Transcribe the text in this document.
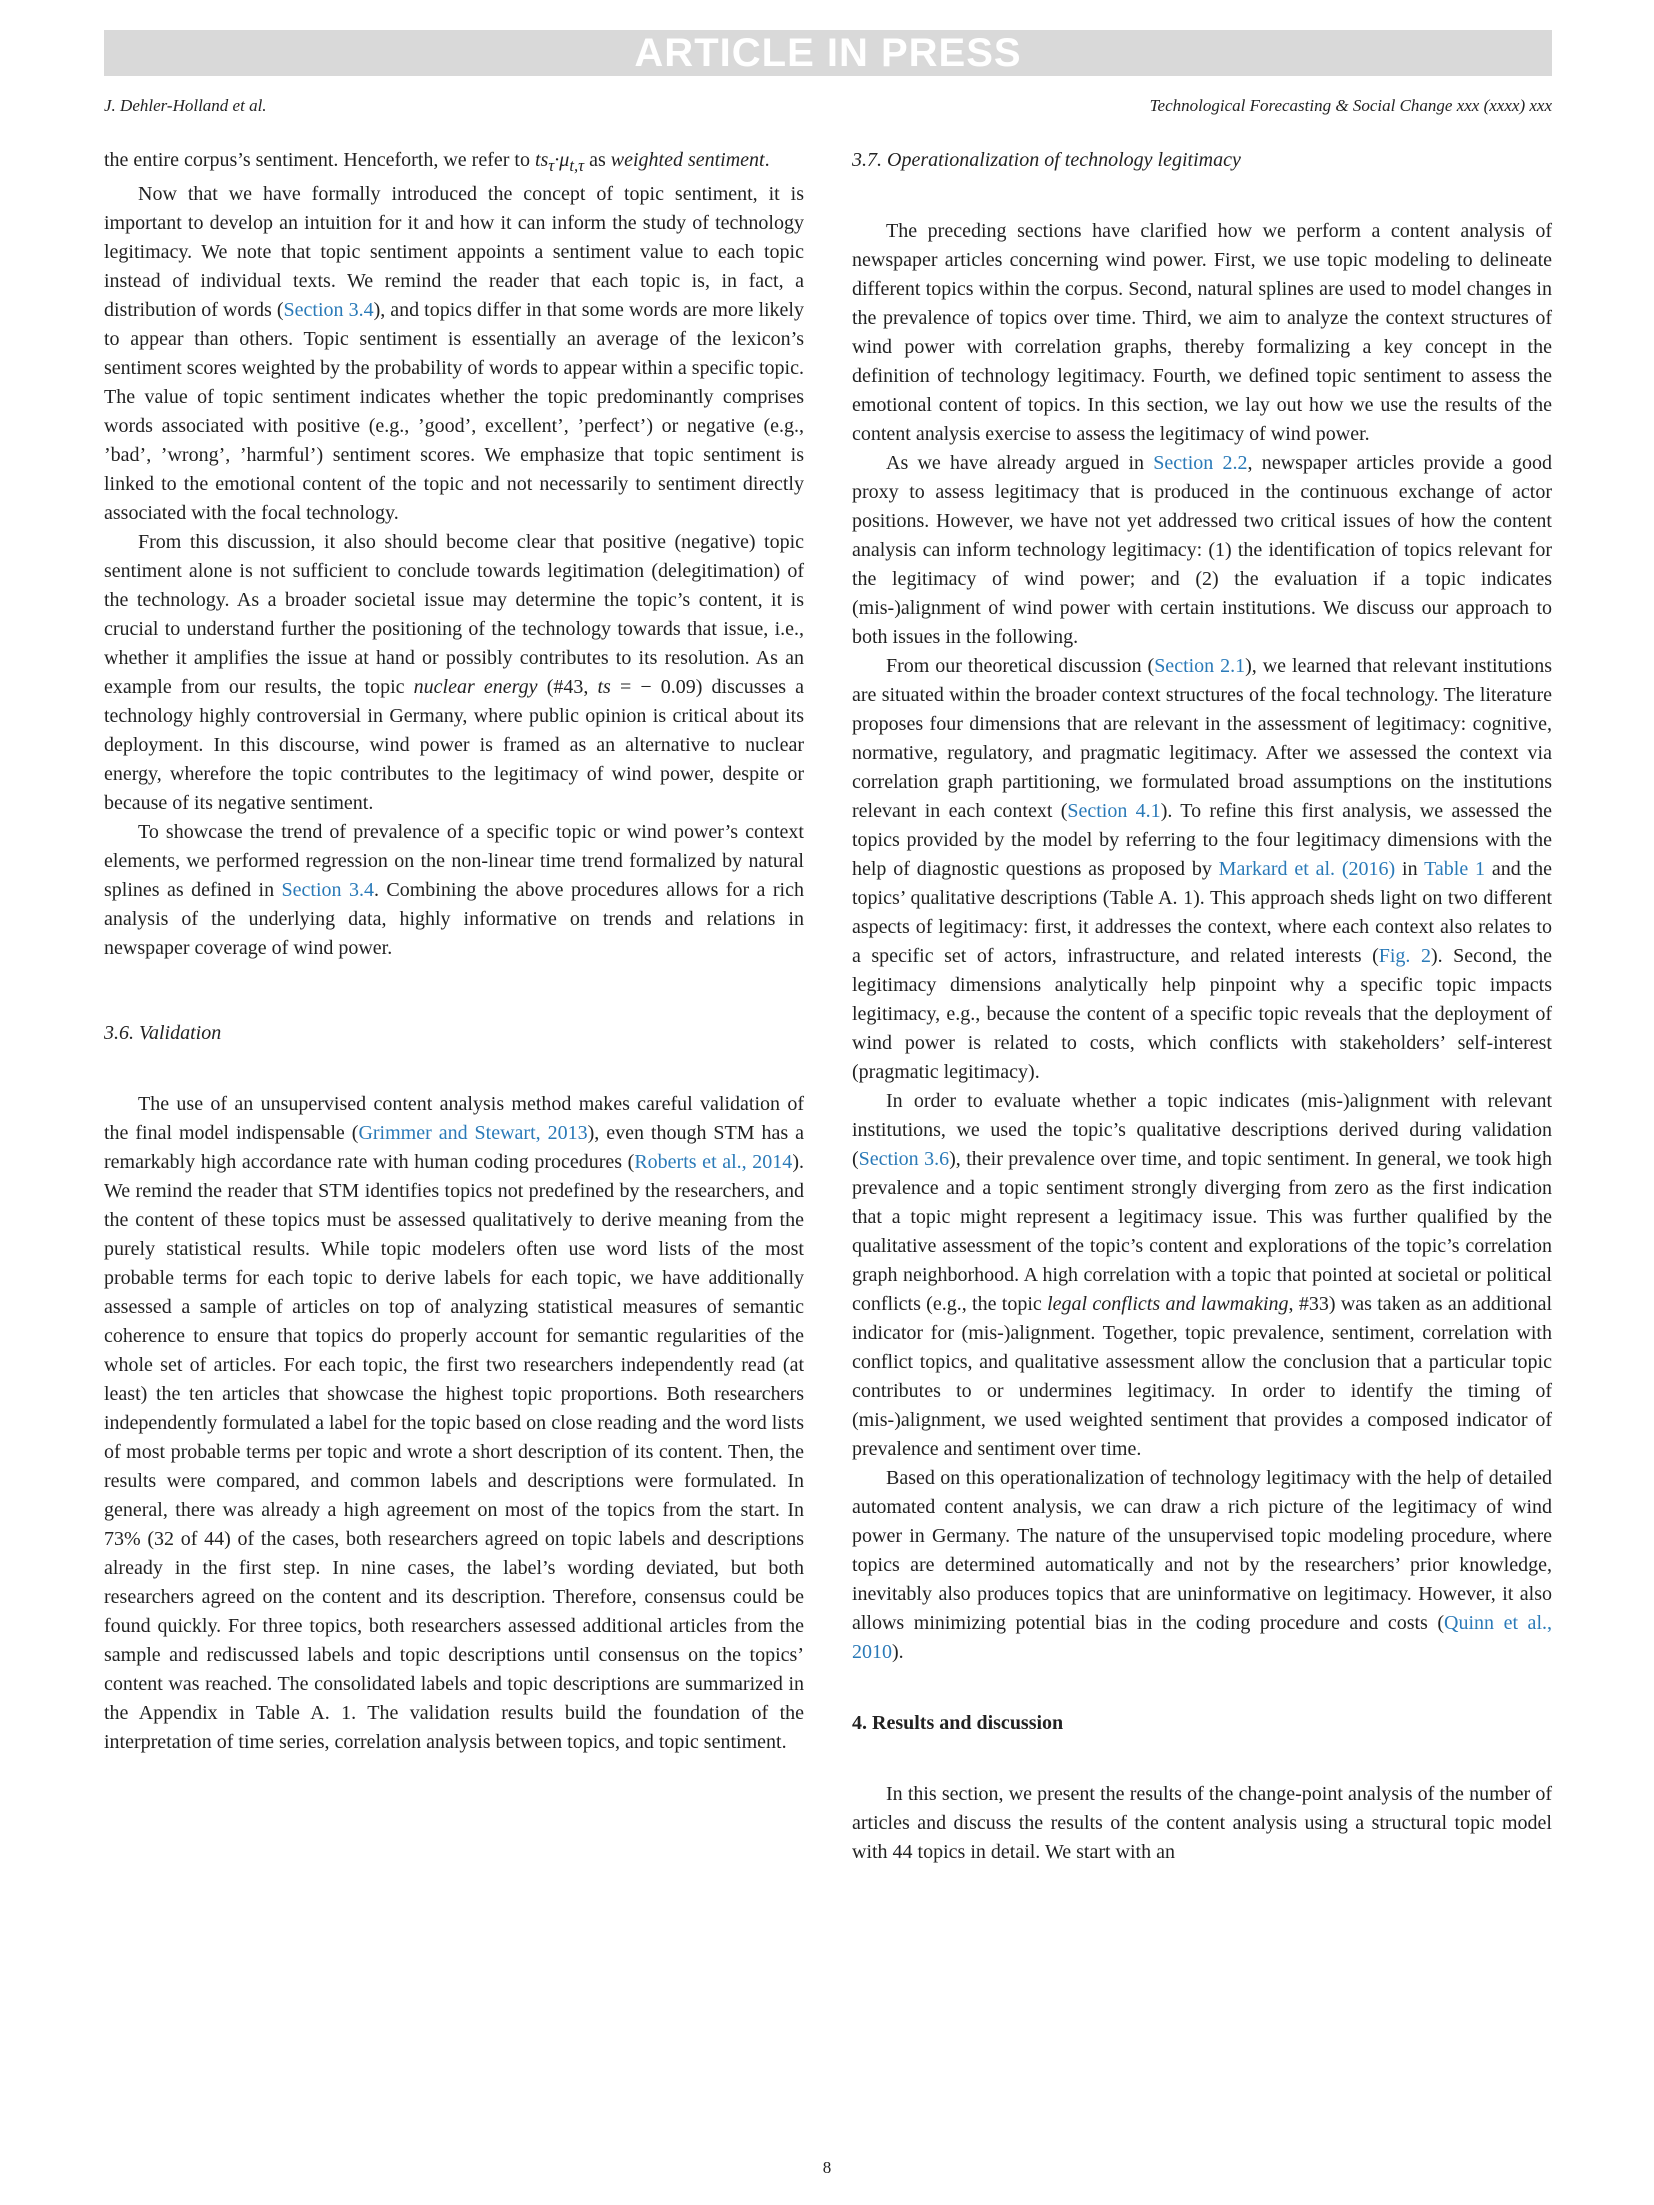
ARTICLE IN PRESS
J. Dehler-Holland et al.	Technological Forecasting & Social Change xxx (xxxx) xxx

the entire corpus’s sentiment. Henceforth, we refer to $ts_\tau\cdot\mu_{t,\tau}$ as weighted sentiment.

Now that we have formally introduced the concept of topic sentiment, it is important to develop an intuition for it and how it can inform the study of technology legitimacy. We note that topic sentiment appoints a sentiment value to each topic instead of individual texts. We remind the reader that each topic is, in fact, a distribution of words (Section 3.4), and topics differ in that some words are more likely to appear than others. Topic sentiment is essentially an average of the lexicon’s sentiment scores weighted by the probability of words to appear within a specific topic. The value of topic sentiment indicates whether the topic predominantly comprises words associated with positive (e.g., ’good’, excellent’, ’perfect’) or negative (e.g., ’bad’, ’wrong’, ’harmful’) sentiment scores. We emphasize that topic sentiment is linked to the emotional content of the topic and not necessarily to sentiment directly associated with the focal technology.

From this discussion, it also should become clear that positive (negative) topic sentiment alone is not sufficient to conclude towards legitimation (delegitimation) of the technology. As a broader societal issue may determine the topic’s content, it is crucial to understand further the positioning of the technology towards that issue, i.e., whether it amplifies the issue at hand or possibly contributes to its resolution. As an example from our results, the topic nuclear energy (#43, ts = − 0.09) discusses a technology highly controversial in Germany, where public opinion is critical about its deployment. In this discourse, wind power is framed as an alternative to nuclear energy, wherefore the topic contributes to the legitimacy of wind power, despite or because of its negative sentiment.

To showcase the trend of prevalence of a specific topic or wind power’s context elements, we performed regression on the non-linear time trend formalized by natural splines as defined in Section 3.4. Combining the above procedures allows for a rich analysis of the underlying data, highly informative on trends and relations in newspaper coverage of wind power.

3.6. Validation

The use of an unsupervised content analysis method makes careful validation of the final model indispensable (Grimmer and Stewart, 2013), even though STM has a remarkably high accordance rate with human coding procedures (Roberts et al., 2014). We remind the reader that STM identifies topics not predefined by the researchers, and the content of these topics must be assessed qualitatively to derive meaning from the purely statistical results. While topic modelers often use word lists of the most probable terms for each topic to derive labels for each topic, we have additionally assessed a sample of articles on top of analyzing statistical measures of semantic coherence to ensure that topics do properly account for semantic regularities of the whole set of articles. For each topic, the first two researchers independently read (at least) the ten articles that showcase the highest topic proportions. Both researchers independently formulated a label for the topic based on close reading and the word lists of most probable terms per topic and wrote a short description of its content. Then, the results were compared, and common labels and descriptions were formulated. In general, there was already a high agreement on most of the topics from the start. In 73% (32 of 44) of the cases, both researchers agreed on topic labels and descriptions already in the first step. In nine cases, the label’s wording deviated, but both researchers agreed on the content and its description. Therefore, consensus could be found quickly. For three topics, both researchers assessed additional articles from the sample and rediscussed labels and topic descriptions until consensus on the topics’ content was reached. The consolidated labels and topic descriptions are summarized in the Appendix in Table A. 1. The validation results build the foundation of the interpretation of time series, correlation analysis between topics, and topic sentiment.

3.7. Operationalization of technology legitimacy

The preceding sections have clarified how we perform a content analysis of newspaper articles concerning wind power. First, we use topic modeling to delineate different topics within the corpus. Second, natural splines are used to model changes in the prevalence of topics over time. Third, we aim to analyze the context structures of wind power with correlation graphs, thereby formalizing a key concept in the definition of technology legitimacy. Fourth, we defined topic sentiment to assess the emotional content of topics. In this section, we lay out how we use the results of the content analysis exercise to assess the legitimacy of wind power.

As we have already argued in Section 2.2, newspaper articles provide a good proxy to assess legitimacy that is produced in the continuous exchange of actor positions. However, we have not yet addressed two critical issues of how the content analysis can inform technology legitimacy: (1) the identification of topics relevant for the legitimacy of wind power; and (2) the evaluation if a topic indicates (mis-)alignment of wind power with certain institutions. We discuss our approach to both issues in the following.

From our theoretical discussion (Section 2.1), we learned that relevant institutions are situated within the broader context structures of the focal technology. The literature proposes four dimensions that are relevant in the assessment of legitimacy: cognitive, normative, regulatory, and pragmatic legitimacy. After we assessed the context via correlation graph partitioning, we formulated broad assumptions on the institutions relevant in each context (Section 4.1). To refine this first analysis, we assessed the topics provided by the model by referring to the four legitimacy dimensions with the help of diagnostic questions as proposed by Markard et al. (2016) in Table 1 and the topics’ qualitative descriptions (Table A. 1). This approach sheds light on two different aspects of legitimacy: first, it addresses the context, where each context also relates to a specific set of actors, infrastructure, and related interests (Fig. 2). Second, the legitimacy dimensions analytically help pinpoint why a specific topic impacts legitimacy, e.g., because the content of a specific topic reveals that the deployment of wind power is related to costs, which conflicts with stakeholders’ self-interest (pragmatic legitimacy).

In order to evaluate whether a topic indicates (mis-)alignment with relevant institutions, we used the topic’s qualitative descriptions derived during validation (Section 3.6), their prevalence over time, and topic sentiment. In general, we took high prevalence and a topic sentiment strongly diverging from zero as the first indication that a topic might represent a legitimacy issue. This was further qualified by the qualitative assessment of the topic’s content and explorations of the topic’s correlation graph neighborhood. A high correlation with a topic that pointed at societal or political conflicts (e.g., the topic legal conflicts and lawmaking, #33) was taken as an additional indicator for (mis-)alignment. Together, topic prevalence, sentiment, correlation with conflict topics, and qualitative assessment allow the conclusion that a particular topic contributes to or undermines legitimacy. In order to identify the timing of (mis-)alignment, we used weighted sentiment that provides a composed indicator of prevalence and sentiment over time.

Based on this operationalization of technology legitimacy with the help of detailed automated content analysis, we can draw a rich picture of the legitimacy of wind power in Germany. The nature of the unsupervised topic modeling procedure, where topics are determined automatically and not by the researchers’ prior knowledge, inevitably also produces topics that are uninformative on legitimacy. However, it also allows minimizing potential bias in the coding procedure and costs (Quinn et al., 2010).

4. Results and discussion

In this section, we present the results of the change-point analysis of the number of articles and discuss the results of the content analysis using a structural topic model with 44 topics in detail. We start with an

8
